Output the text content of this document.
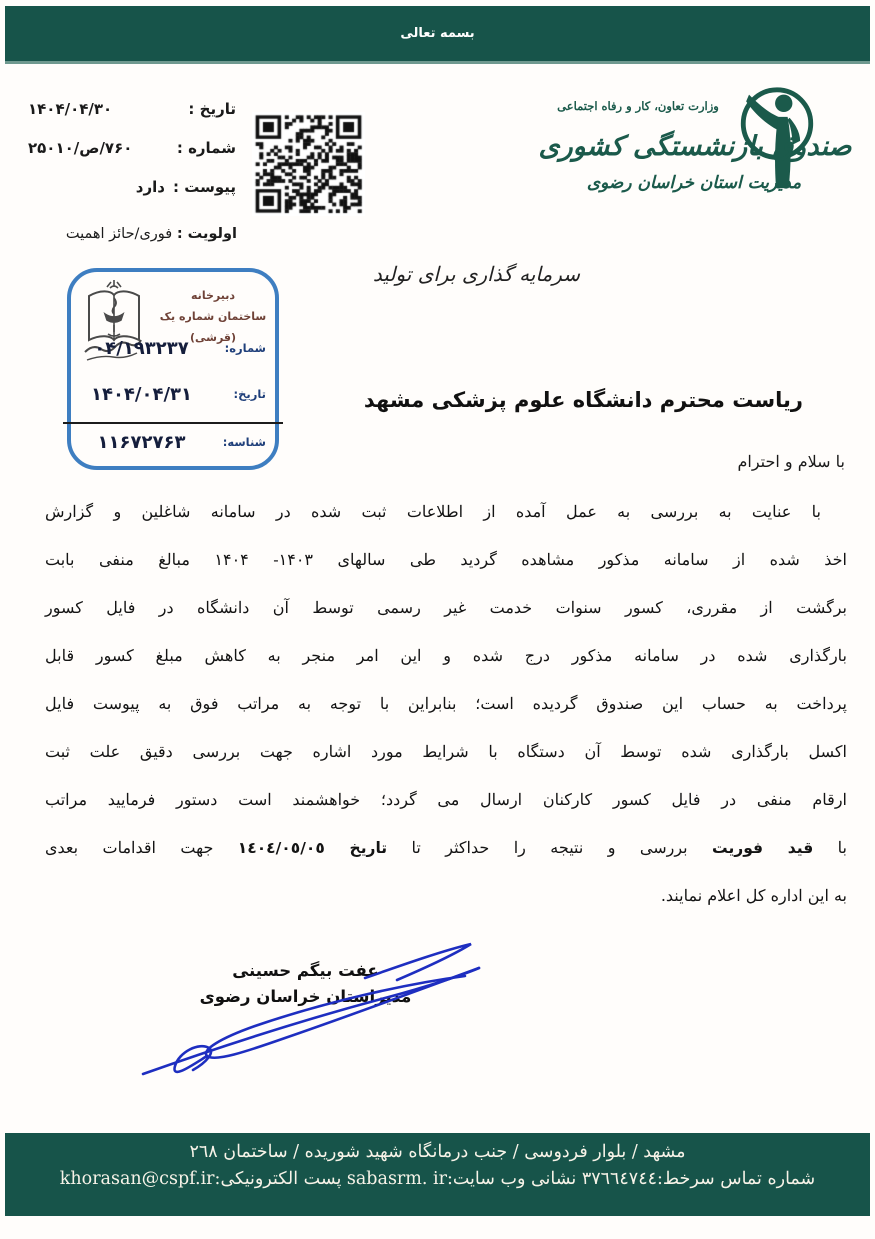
بسمه تعالی
وزارت تعاون، کار و رفاه اجتماعی
صندوق بازنشستگی کشوری
مدیریت استان خراسان رضوی
تاریخ :
۱۴۰۴/۰۴/۳۰
شماره :
۷۶۰/ص/۲۵۰۱۰
پیوست :
دارد
اولویت : فوری/حائز اهمیت
دبیرخانه
ساختمان شماره یک
(قرشی)
شماره:
۰۴/۱۹۳۲۳۷
تاریخ:
۱۴۰۴/۰۴/۳۱
شناسه:
۱۱۶۷۲۷۶۳
سرمایه گذاری برای تولید
ریاست محترم دانشگاه علوم پزشکی مشهد
با سلام و احترام
با عنایت به بررسی به عمل آمده از اطلاعات ثبت شده در سامانه شاغلین و گزارش
اخذ شده از سامانه مذکور مشاهده گردید طی سالهای ۱۴۰۳- ۱۴۰۴ مبالغ منفی بابت
برگشت از مقرری، کسور سنوات خدمت غیر رسمی توسط آن دانشگاه در فایل کسور
بارگذاری شده در سامانه مذکور درج شده و این امر منجر به کاهش مبلغ کسور قابل
پرداخت به حساب این صندوق گردیده است؛ بنابراین با توجه به مراتب فوق به پیوست فایل
اکسل بارگذاری شده توسط آن دستگاه با شرایط مورد اشاره جهت بررسی دقیق علت ثبت
ارقام منفی در فایل کسور کارکنان ارسال می گردد؛ خواهشمند است دستور فرمایید مراتب
با قید فوریت بررسی و نتیجه را حداکثر تا تاریخ ١٤٠٤/٠٥/٠٥ جهت اقدامات بعدی
به این اداره کل اعلام نمایند.
عفت بیگم حسینی
مدیراستان خراسان رضوی
مشهد / بلوار فردوسی / جنب درمانگاه شهید شوریده / ساختمان ٢٦٨
شماره تماس سرخط:٣٧٦٦٤٧٤٤ نشانی وب سایت:sabasrm. ir پست الکترونیکی:khorasan@cspf.ir
